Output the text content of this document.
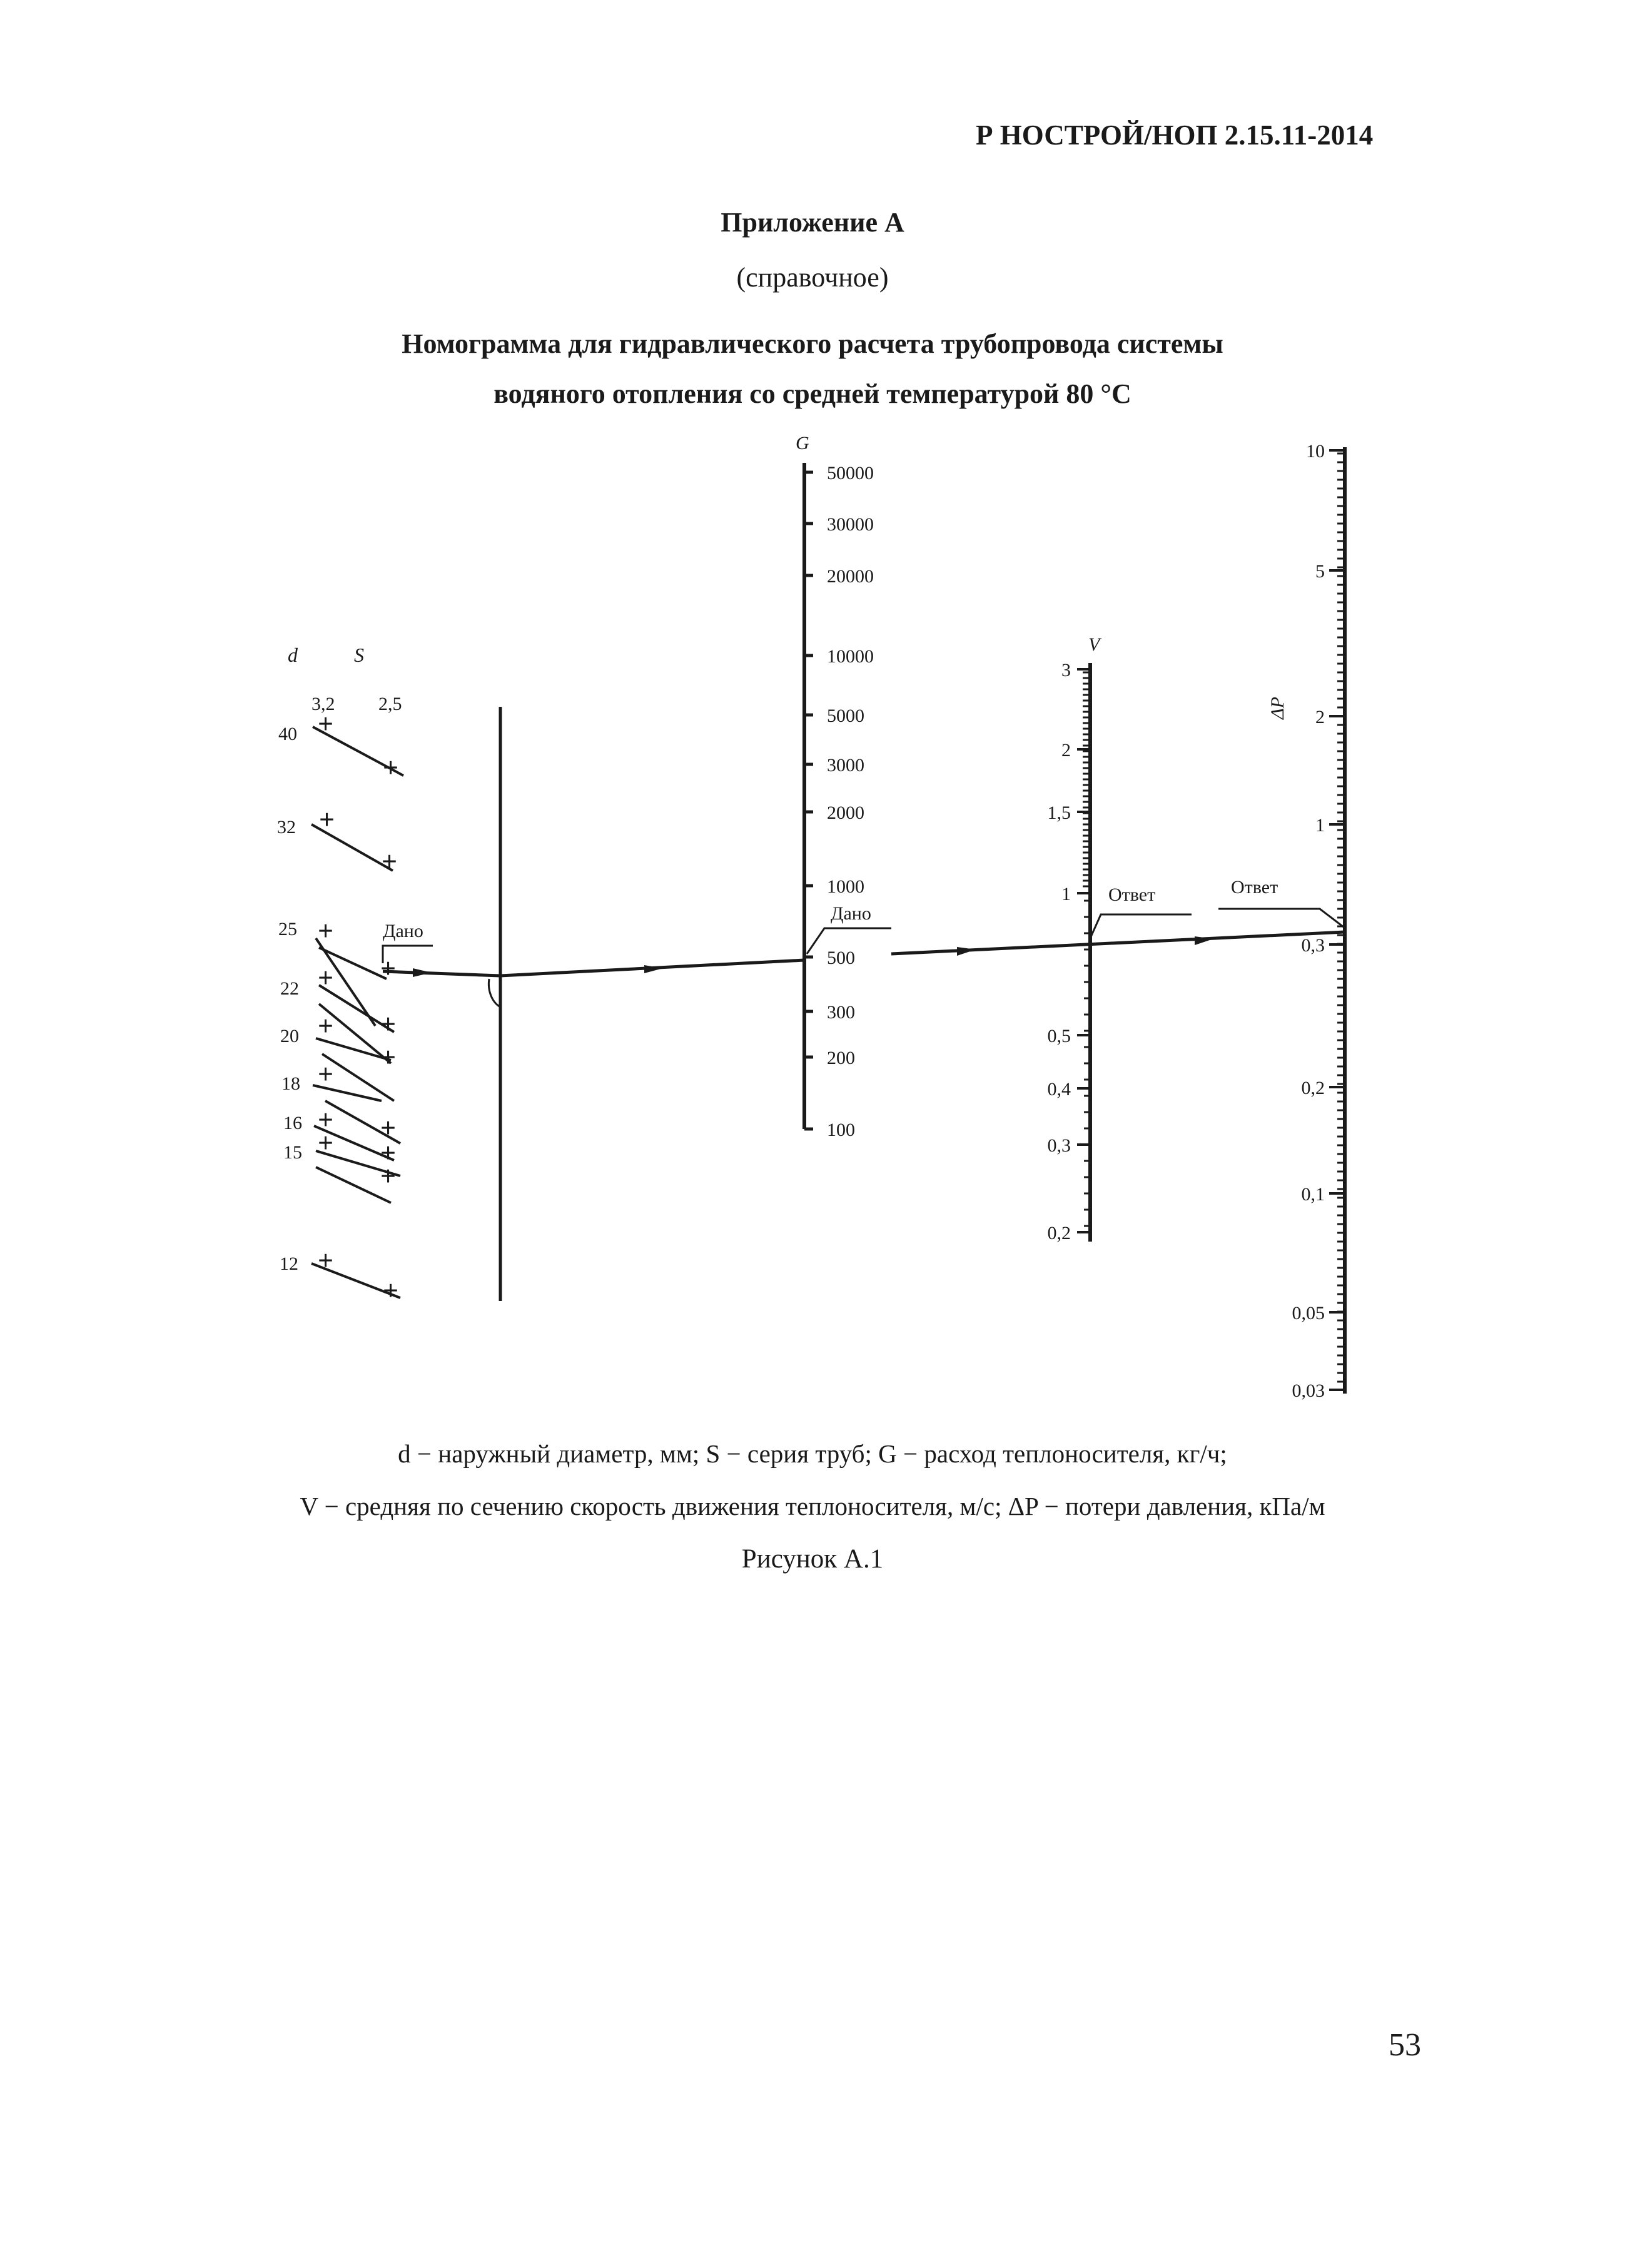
Р НОСТРОЙ/НОП 2.15.11-2014
Приложение А
(справочное)
Номограмма для гидравлического расчета трубопровода системы
водяного отопления со средней температурой 80 °С
d	S
3,2 2,5
40
32
25
22
20
18
16
15
12
+
+
+
+
+
+
+
+
+
+
+
+
+
+
+
+
+
+
G
50000
30000
20000
10000
5000
3000
2000
1000
500
300
200
100
V
3
2
1,5
1
0,5
0,4
0,3
0,2
ΔP
10
5
2
1
0,3
0,2
0,1
0,05
0,03
Дано
Дано
Ответ	Ответ
d − наружный диаметр, мм; S − серия труб; G − расход теплоносителя, кг/ч;
V − средняя по сечению скорость движения теплоносителя, м/с; ΔP − потери давления, кПа/м
Рисунок А.1
53
